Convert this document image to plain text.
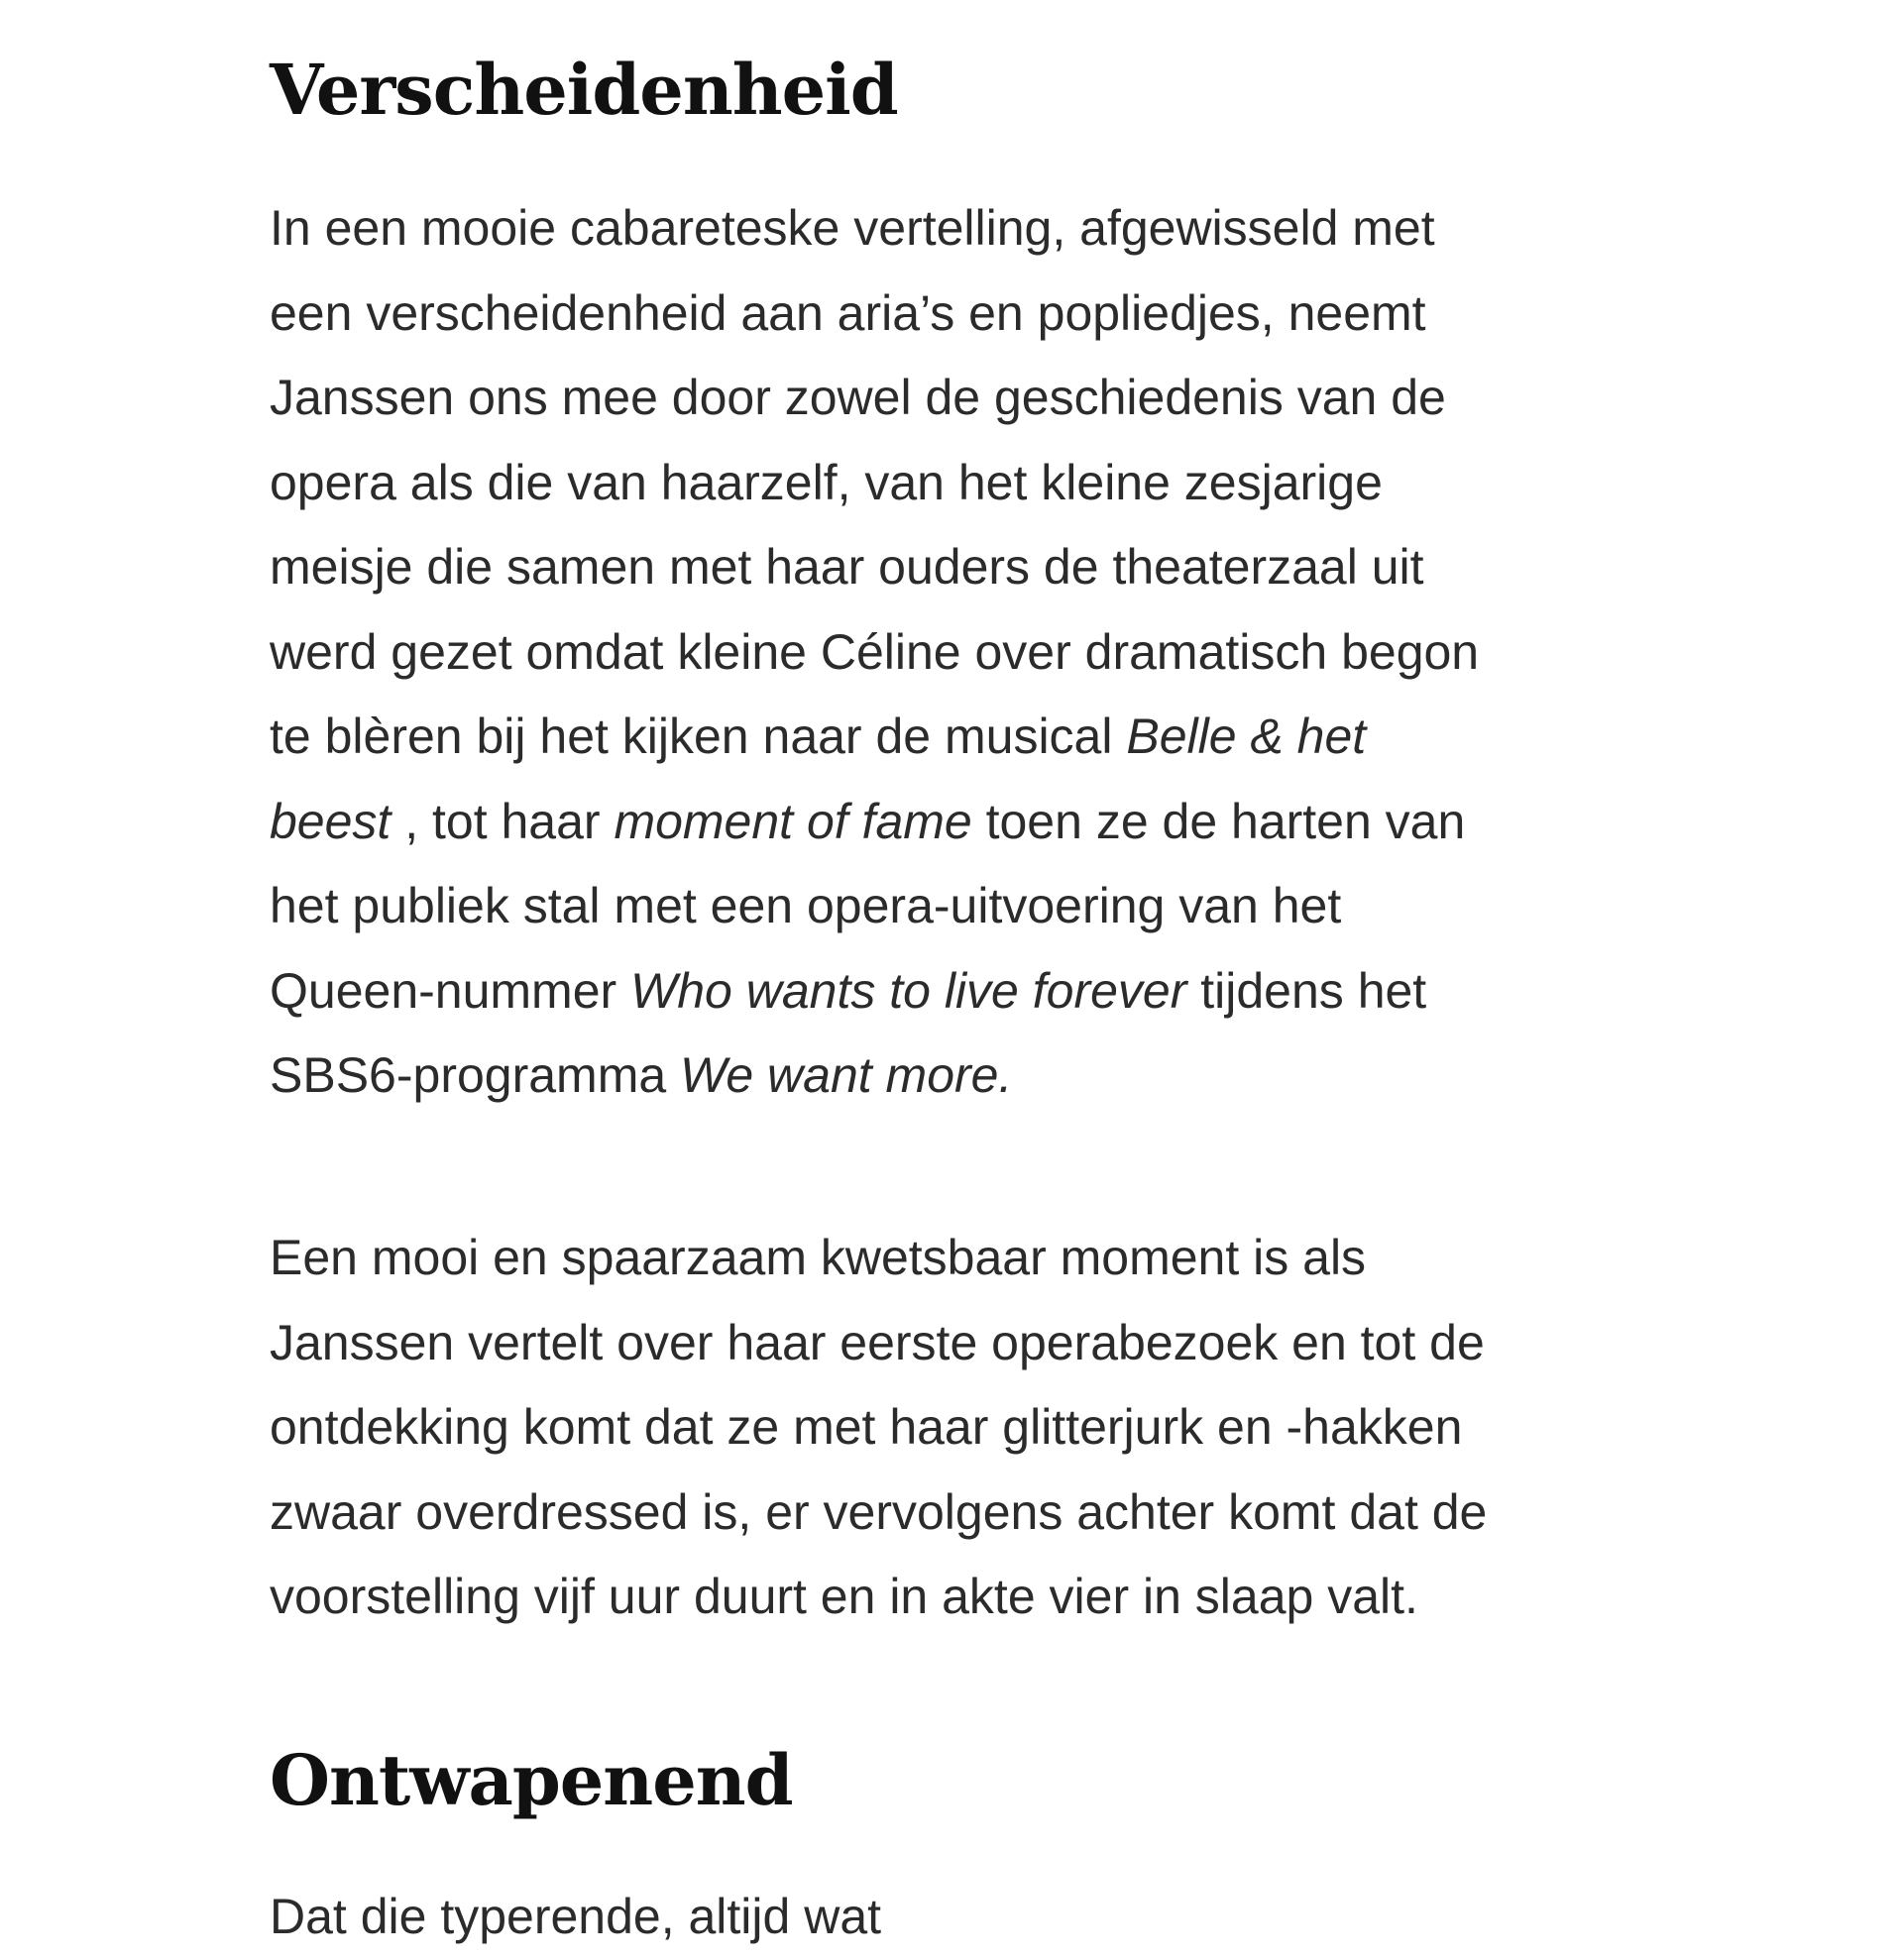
Verscheidenheid

In een mooie cabareteske vertelling, afgewisseld met
een verscheidenheid aan aria’s en popliedjes, neemt
Janssen ons mee door zowel de geschiedenis van de
opera als die van haarzelf, van het kleine zesjarige
meisje die samen met haar ouders de theaterzaal uit
werd gezet omdat kleine Céline over dramatisch begon
te blèren bij het kijken naar de musical Belle & het
beest , tot haar moment of fame toen ze de harten van
het publiek stal met een opera-uitvoering van het
Queen-nummer Who wants to live forever tijdens het
SBS6-programma We want more.

Een mooi en spaarzaam kwetsbaar moment is als
Janssen vertelt over haar eerste operabezoek en tot de
ontdekking komt dat ze met haar glitterjurk en -hakken
zwaar overdressed is, er vervolgens achter komt dat de
voorstelling vijf uur duurt en in akte vier in slaap valt.

Ontwapenend

Dat die typerende, altijd wat
